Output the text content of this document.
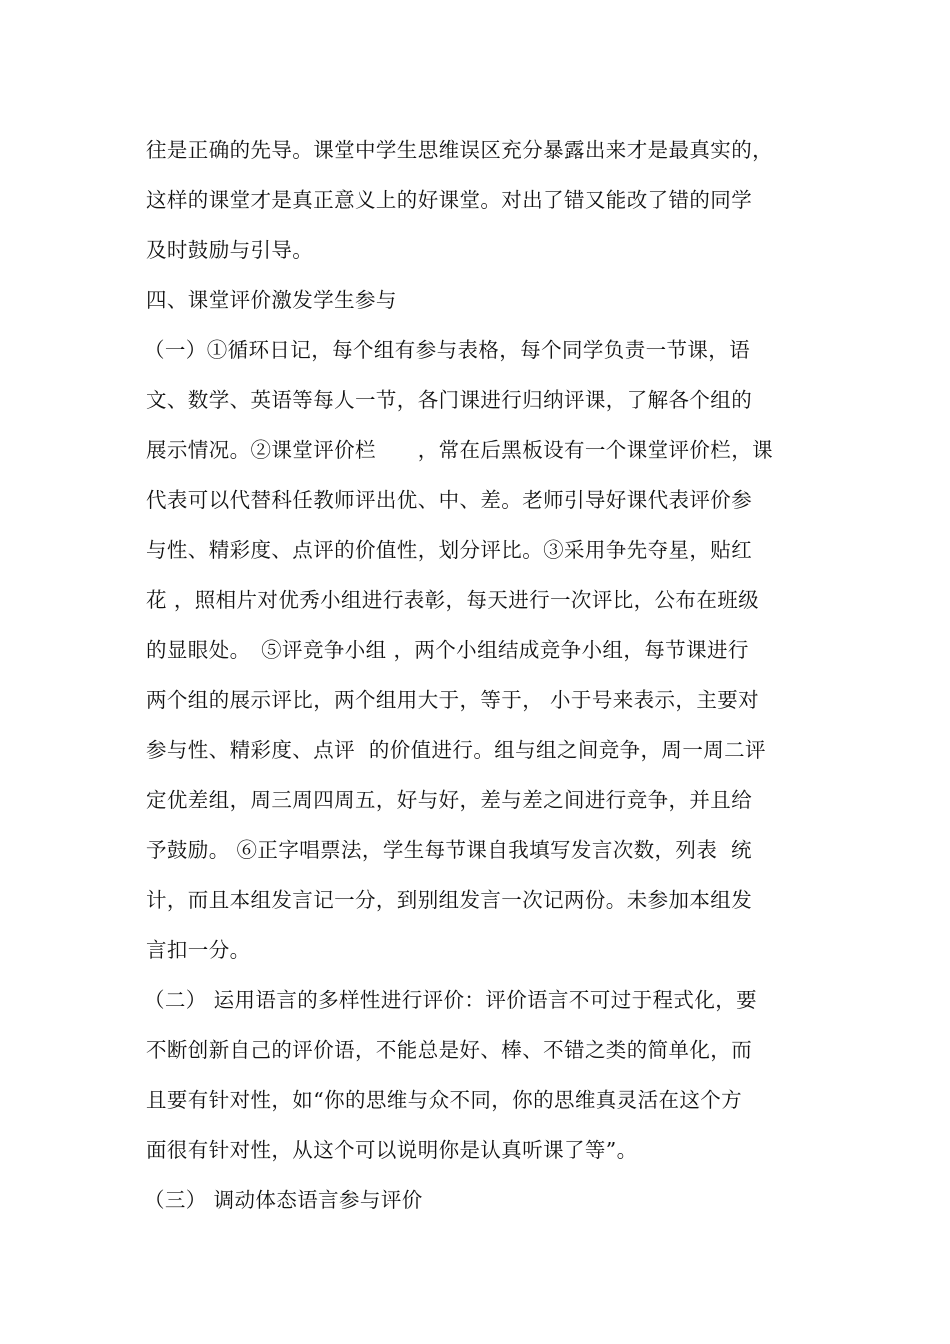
往是正确的先导。课堂中学生思维误区充分暴露出来才是最真实的，
这样的课堂才是真正意义上的好课堂。对出了错又能改了错的同学
及时鼓励与引导。
四、课堂评价激发学生参与
（一）①循环日记，每个组有参与表格，每个同学负责一节课，语
文、数学、英语等每人一节，各门课进行归纳评课，了解各个组的
展示情况。②课堂评价栏　　，常在后黑板设有一个课堂评价栏，课
代表可以代替科任教师评出优、中、差。老师引导好课代表评价参
与性、精彩度、点评的价值性，划分评比。③采用争先夺星，贴红
花 ，照相片对优秀小组进行表彰，每天进行一次评比，公布在班级
的显眼处。　⑤评竞争小组 ，两个小组结成竞争小组，每节课进行
两个组的展示评比，两个组用大于，等于， 小于号来表示，主要对
参与性、精彩度、点评  的价值进行。组与组之间竞争，周一周二评
定优差组，周三周四周五，好与好，差与差之间进行竞争，并且给
予鼓励。 ⑥正字唱票法，学生每节课自我填写发言次数，列表  统
计，而且本组发言记一分，到别组发言一次记两份。未参加本组发
言扣一分。
（二） 运用语言的多样性进行评价：评价语言不可过于程式化，要
不断创新自己的评价语，不能总是好、棒、不错之类的简单化，而
且要有针对性，如“你的思维与众不同，你的思维真灵活在这个方
面很有针对性，从这个可以说明你是认真听课了等”。
（三） 调动体态语言参与评价
